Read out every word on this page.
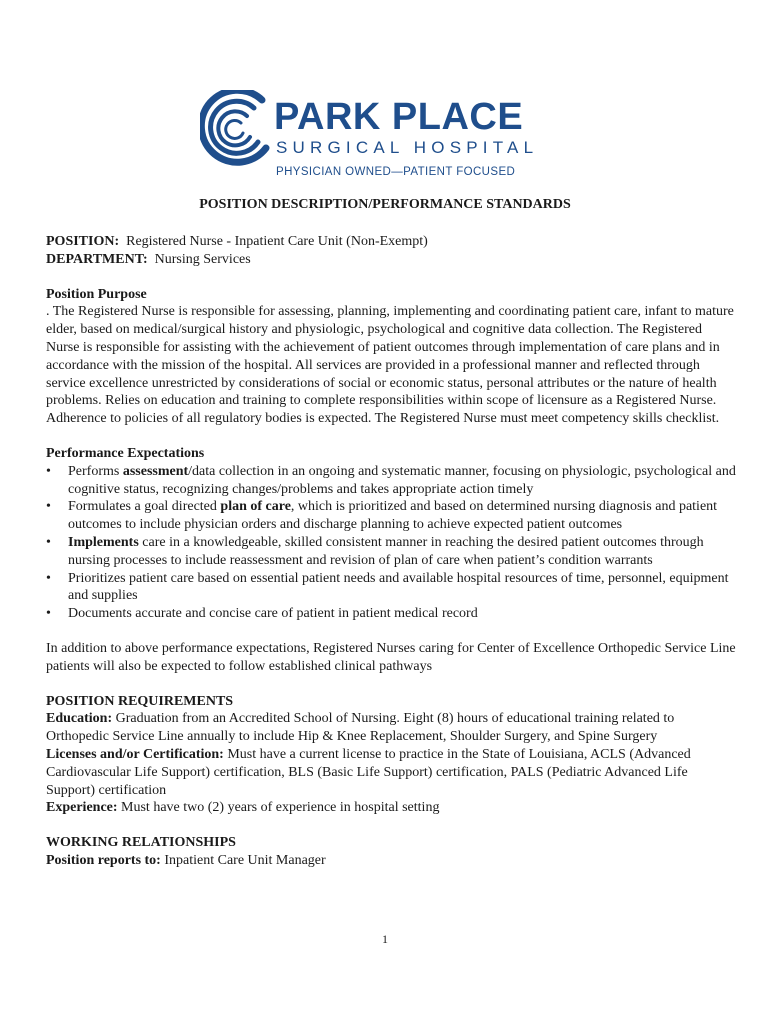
PARK PLACE
SURGICAL HOSPITAL
PHYSICIAN OWNED—PATIENT FOCUSED
POSITION DESCRIPTION/PERFORMANCE STANDARDS

POSITION: Registered Nurse - Inpatient Care Unit (Non-Exempt)

DEPARTMENT: Nursing Services

Position Purpose

. The Registered Nurse is responsible for assessing, planning, implementing and coordinating patient care, infant to mature elder, based on medical/surgical history and physiologic, psychological and cognitive data collection. The Registered Nurse is responsible for assisting with the achievement of patient outcomes through implementation of care plans and in accordance with the mission of the hospital. All services are provided in a professional manner and reflected through service excellence unrestricted by considerations of social or economic status, personal attributes or the nature of health problems. Relies on education and training to complete responsibilities within scope of licensure as a Registered Nurse. Adherence to policies of all regulatory bodies is expected. The Registered Nurse must meet competency skills checklist.

Performance Expectations

• Performs assessment/data collection in an ongoing and systematic manner, focusing on physiologic, psychological and cognitive status, recognizing changes/problems and takes appropriate action timely
• Formulates a goal directed plan of care, which is prioritized and based on determined nursing diagnosis and patient outcomes to include physician orders and discharge planning to achieve expected patient outcomes
• Implements care in a knowledgeable, skilled consistent manner in reaching the desired patient outcomes through nursing processes to include reassessment and revision of plan of care when patient’s condition warrants
• Prioritizes patient care based on essential patient needs and available hospital resources of time, personnel, equipment and supplies
• Documents accurate and concise care of patient in patient medical record

In addition to above performance expectations, Registered Nurses caring for Center of Excellence Orthopedic Service Line patients will also be expected to follow established clinical pathways

POSITION REQUIREMENTS

Education: Graduation from an Accredited School of Nursing. Eight (8) hours of educational training related to Orthopedic Service Line annually to include Hip & Knee Replacement, Shoulder Surgery, and Spine Surgery

Licenses and/or Certification: Must have a current license to practice in the State of Louisiana, ACLS (Advanced Cardiovascular Life Support) certification, BLS (Basic Life Support) certification, PALS (Pediatric Advanced Life Support) certification

Experience: Must have two (2) years of experience in hospital setting

WORKING RELATIONSHIPS

Position reports to: Inpatient Care Unit Manager

1
